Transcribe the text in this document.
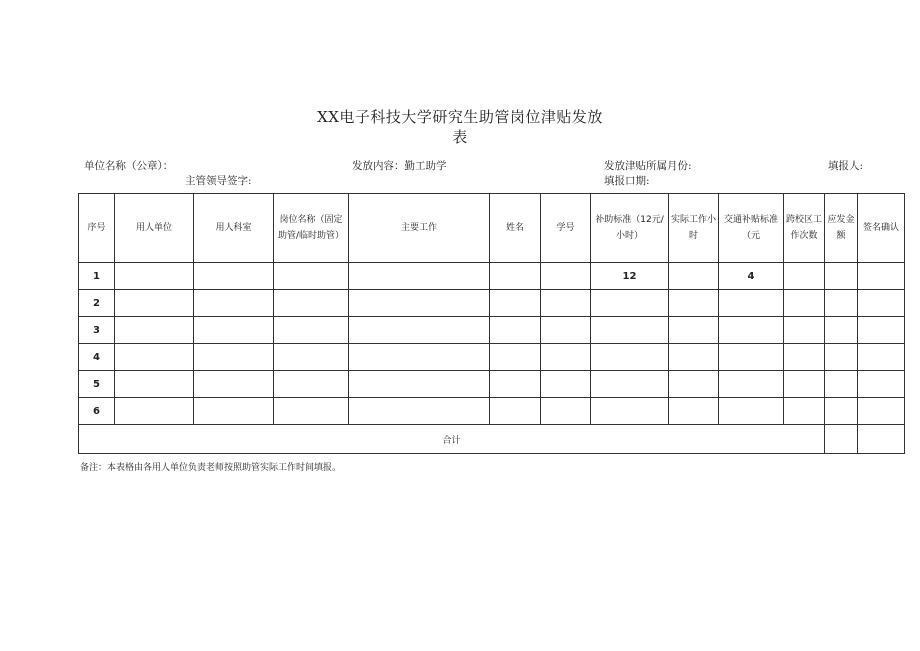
XX电子科技大学研究生助管岗位津贴发放
表
单位名称（公章）：	发放内容：勤工助学	发放津贴所属月份:	填报人:
主管领导签字:	填报口期:
序号	用人单位	用人科室	岗位名称（固定助管/临时助管）	主要工作	姓名	学号	补助标准（12元/小时）	实际工作小时	交通补贴标准（元	跨校区工作次数	应发金额	签名确认
1							12		4			
2												
3												
4												
5												
6												
合计												
备注：本表格由各用人单位负责老师按照助管实际工作时间填报。
